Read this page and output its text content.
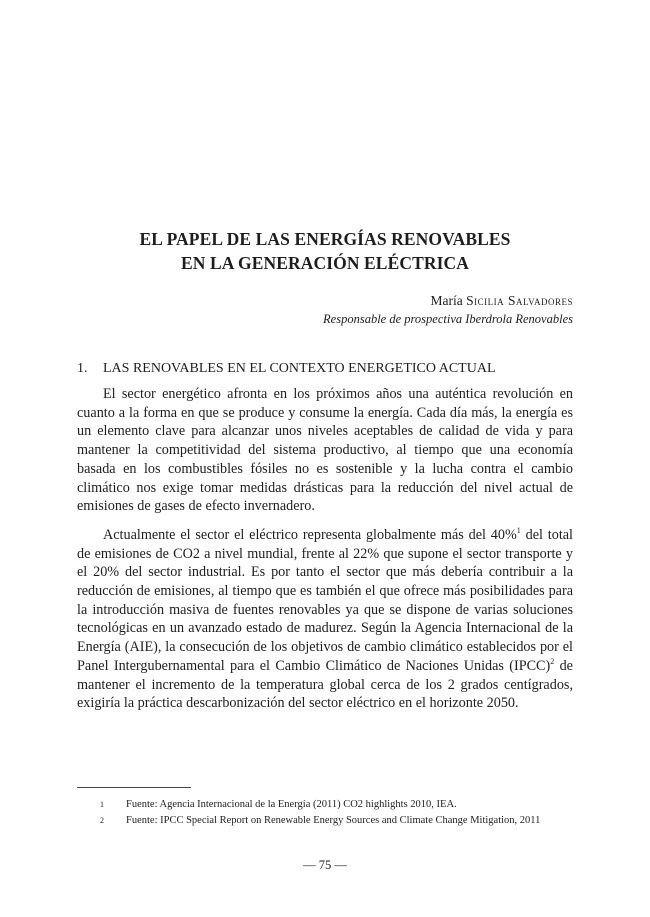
EL PAPEL DE LAS ENERGÍAS RENOVABLES
EN LA GENERACIÓN ELÉCTRICA
María Sicilia Salvadores
Responsable de prospectiva Iberdrola Renovables
1. LAS RENOVABLES EN EL CONTEXTO ENERGETICO ACTUAL

El sector energético afronta en los próximos años una auténtica revolución en cuanto a la forma en que se produce y consume la energía. Cada día más, la energía es un elemento clave para alcanzar unos niveles aceptables de calidad de vida y para mantener la competitividad del sistema productivo, al tiempo que una economía basada en los combustibles fósiles no es sostenible y la lucha contra el cambio climático nos exige tomar medidas drásticas para la reducción del nivel actual de emisiones de gases de efecto invernadero.

Actualmente el sector el eléctrico representa globalmente más del 40%$^1$ del total de emisiones de CO2 a nivel mundial, frente al 22% que supone el sector transporte y el 20% del sector industrial. Es por tanto el sector que más debería contribuir a la reducción de emisiones, al tiempo que es también el que ofrece más posibilidades para la introducción masiva de fuentes renovables ya que se dispone de varias soluciones tecnológicas en un avanzado estado de madurez. Según la Agencia Internacional de la Energía (AIE), la consecución de los objetivos de cambio climático establecidos por el Panel Intergubernamental para el Cambio Climático de Naciones Unidas (IPCC)$^2$ de mantener el incremento de la temperatura global cerca de los 2 grados centígrados, exigiría la práctica descarbonización del sector eléctrico en el horizonte 2050.

1	Fuente: Agencia Internacional de la Energía (2011) CO2 highlights 2010, IEA.
2	Fuente: IPCC Special Report on Renewable Energy Sources and Climate Change Mitigation, 2011
— 75 —
